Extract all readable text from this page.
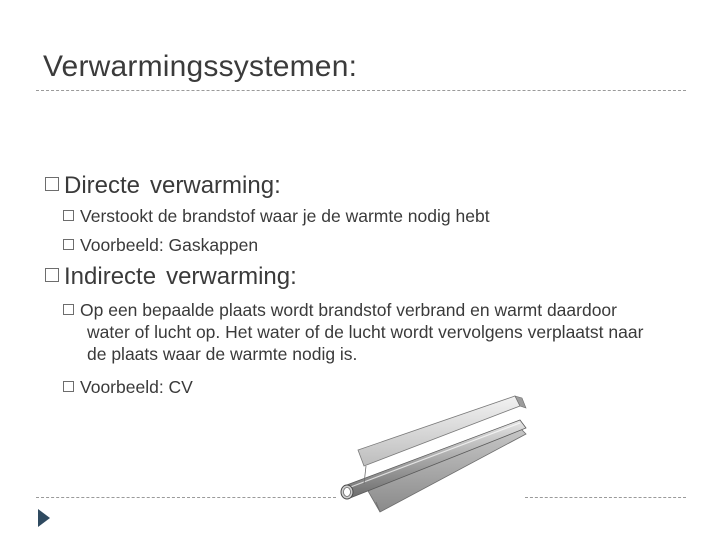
Verwarmingssystemen:
Directe verwarming:
Verstookt de brandstof waar je de warmte nodig hebt
Voorbeeld: Gaskappen
Indirecte verwarming:
Op een bepaalde plaats wordt brandstof verbrand en warmt daardoor water of lucht op. Het water of de lucht wordt vervolgens verplaatst naar de plaats waar de warmte nodig is.
Voorbeeld: CV
